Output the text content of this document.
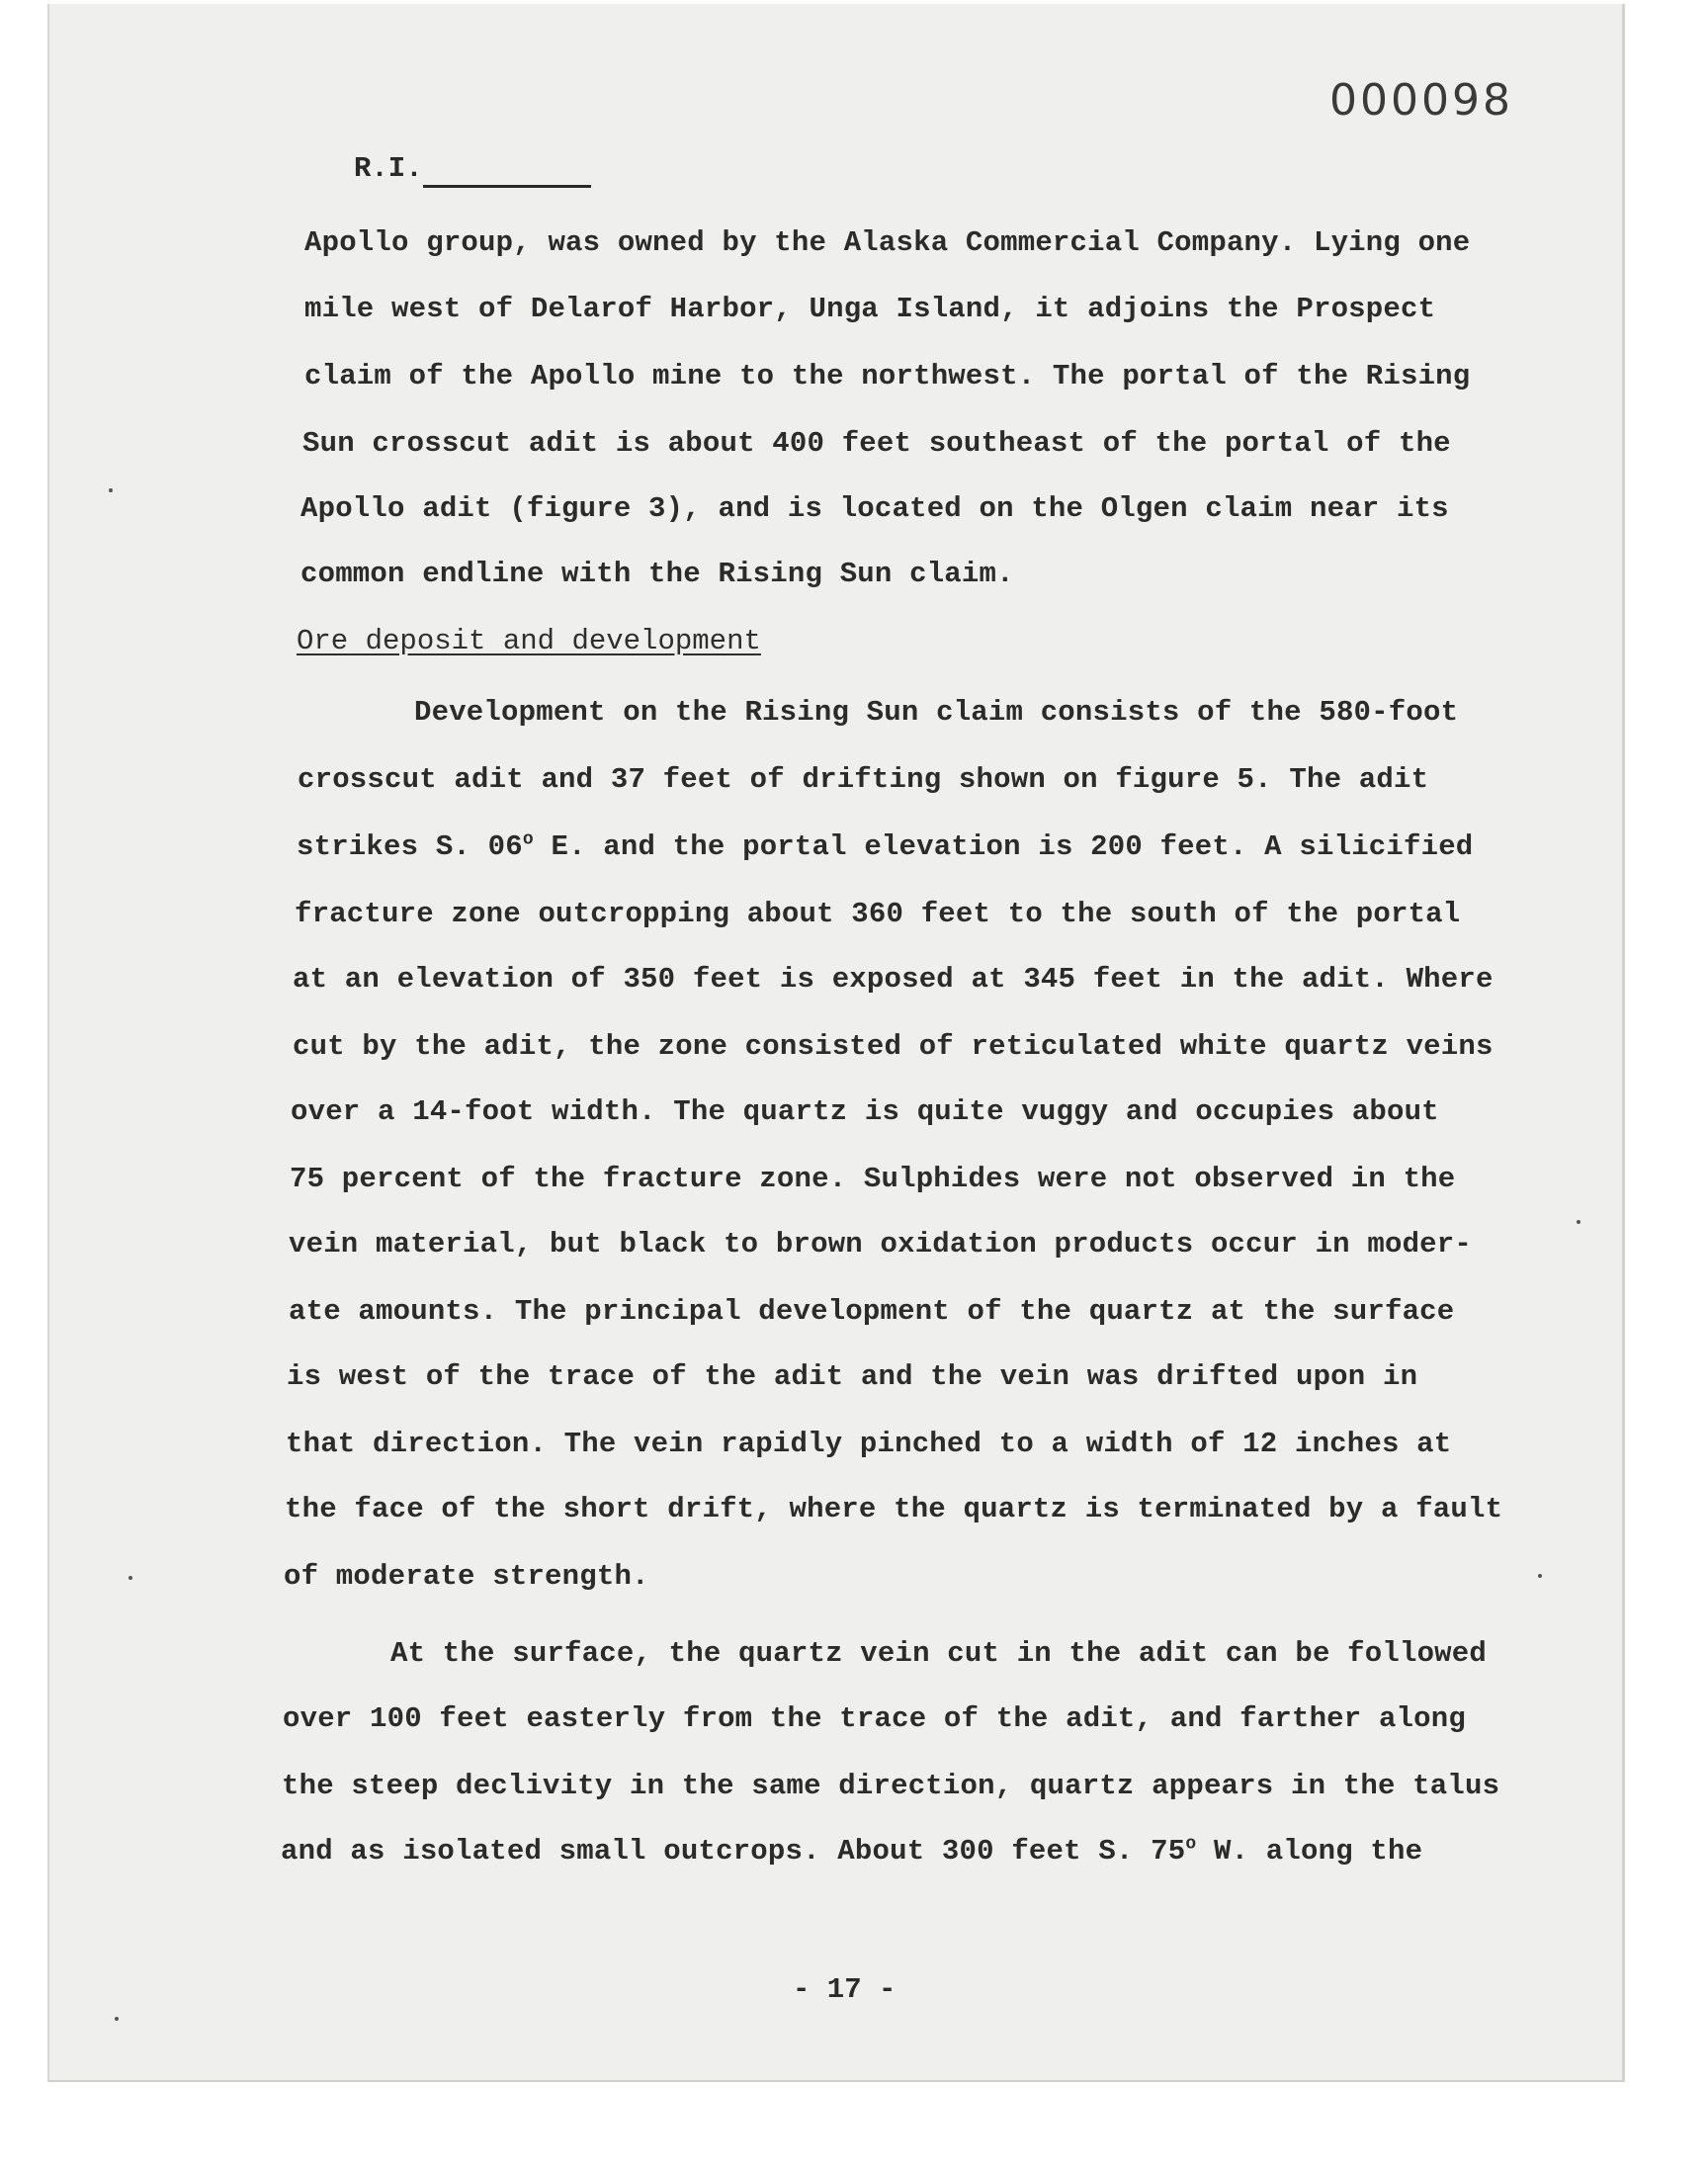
000098
R.I.
Apollo group, was owned by the Alaska Commercial Company. Lying one
mile west of Delarof Harbor, Unga Island, it adjoins the Prospect
claim of the Apollo mine to the northwest. The portal of the Rising
Sun crosscut adit is about 400 feet southeast of the portal of the
Apollo adit (figure 3), and is located on the Olgen claim near its
common endline with the Rising Sun claim.
Ore deposit and development
Development on the Rising Sun claim consists of the 580-foot
crosscut adit and 37 feet of drifting shown on figure 5. The adit
strikes S. 06$^o$ E. and the portal elevation is 200 feet. A silicified
fracture zone outcropping about 360 feet to the south of the portal
at an elevation of 350 feet is exposed at 345 feet in the adit. Where
cut by the adit, the zone consisted of reticulated white quartz veins
over a 14-foot width. The quartz is quite vuggy and occupies about
75 percent of the fracture zone. Sulphides were not observed in the
vein material, but black to brown oxidation products occur in moder-
ate amounts. The principal development of the quartz at the surface
is west of the trace of the adit and the vein was drifted upon in
that direction. The vein rapidly pinched to a width of 12 inches at
the face of the short drift, where the quartz is terminated by a fault
of moderate strength.
At the surface, the quartz vein cut in the adit can be followed
over 100 feet easterly from the trace of the adit, and farther along
the steep declivity in the same direction, quartz appears in the talus
and as isolated small outcrops. About 300 feet S. 75$^o$ W. along the
- 17 -
